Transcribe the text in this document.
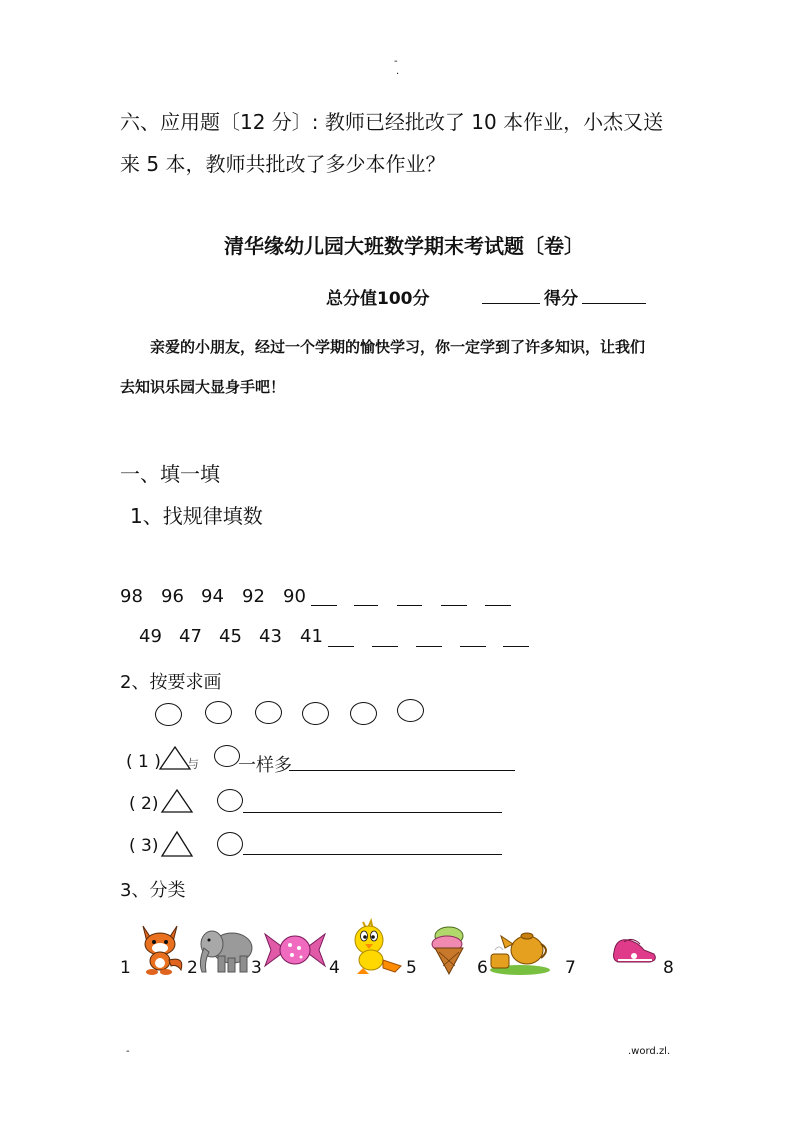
-
.
六、应用题〔12 分〕: 教师已经批改了 10 本作业，小杰又送
来 5 本，教师共批改了多少本作业？
清华缘幼儿园大班数学期末考试题〔卷〕
总分值100分	得分
亲爱的小朋友，经过一个学期的愉快学习，你一定学到了许多知识，让我们
去知识乐园大显身手吧！
一、填一填
1、找规律填数
98 96 94 92 90
49 47 45 43 41
2、按要求画
( 1 ) 与 一样多
( 2)
( 3)
3、分类
1	2	3	4	5	6	7	8
-	.word.zl.
